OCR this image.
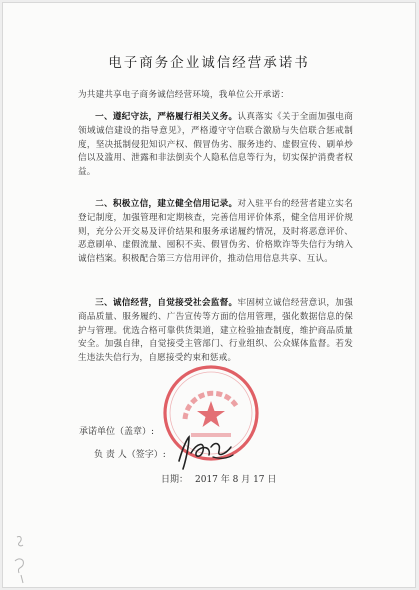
电子商务企业诚信经营承诺书
为共建共享电子商务诚信经营环境，我单位公开承诺：
一、遵纪守法，严格履行相关义务。认真落实《关于全面加强电商领域诚信建设的指导意见》，严格遵守守信联合激励与失信联合惩戒制度，坚决抵制侵犯知识产权、假冒伪劣、服务违约、虚假宣传、刷单炒信以及滥用、泄露和非法倒卖个人隐私信息等行为，切实保护消费者权益。
二、积极立信，建立健全信用记录。对入驻平台的经营者建立实名登记制度，加强管理和定期核查，完善信用评价体系，健全信用评价规则，充分公开交易及评价结果和服务承诺履约情况，及时将恶意评价、恶意刷单、虚假流量、囤积不卖、假冒伪劣、价格欺诈等失信行为纳入诚信档案。积极配合第三方信用评价，推动信用信息共享、互认。
三、诚信经营，自觉接受社会监督。牢固树立诚信经营意识，加强商品质量、服务履约、广告宣传等方面的信用管理，强化数据信息的保护与管理。优选合格可靠供货渠道，建立检验抽查制度，维护商品质量安全。加强自律，自觉接受主管部门、行业组织、公众媒体监督。若发生违法失信行为，自愿接受约束和惩戒。
承诺单位（盖章）:
负 责 人（签字）:
日期： 2017 年 8 月 17 日
